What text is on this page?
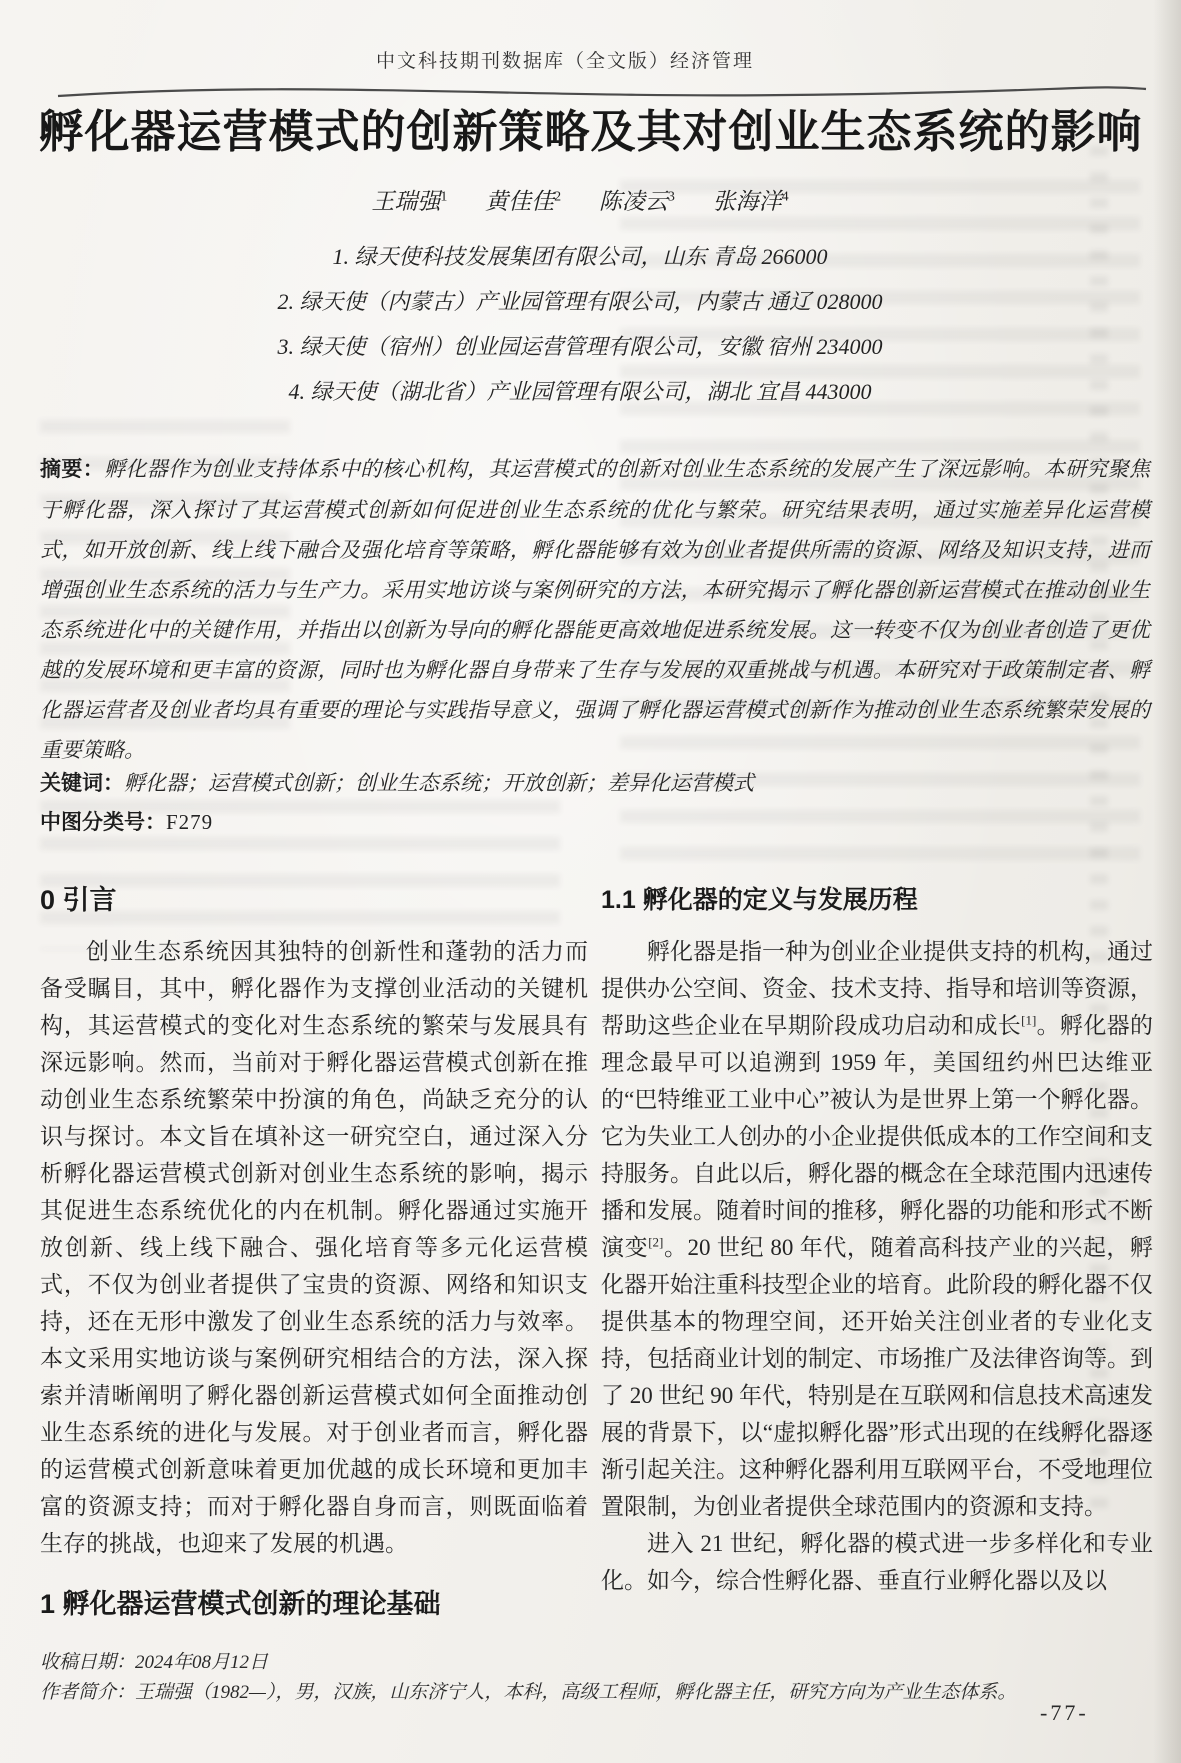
中文科技期刊数据库（全文版）经济管理
孵化器运营模式的创新策略及其对创业生态系统的影响
王瑞强$^1$ 黄佳佳$^2$ 陈凌云$^3$ 张海洋$^4$
1. 绿天使科技发展集团有限公司，山东 青岛 266000
2. 绿天使（内蒙古）产业园管理有限公司，内蒙古 通辽 028000
3. 绿天使（宿州）创业园运营管理有限公司，安徽 宿州 234000
4. 绿天使（湖北省）产业园管理有限公司，湖北 宜昌 443000
摘要：孵化器作为创业支持体系中的核心机构，其运营模式的创新对创业生态系统的发展产生了深远影响。本研究聚焦于孵化器，深入探讨了其运营模式创新如何促进创业生态系统的优化与繁荣。研究结果表明，通过实施差异化运营模式，如开放创新、线上线下融合及强化培育等策略，孵化器能够有效为创业者提供所需的资源、网络及知识支持，进而增强创业生态系统的活力与生产力。采用实地访谈与案例研究的方法，本研究揭示了孵化器创新运营模式在推动创业生态系统进化中的关键作用，并指出以创新为导向的孵化器能更高效地促进系统发展。这一转变不仅为创业者创造了更优越的发展环境和更丰富的资源，同时也为孵化器自身带来了生存与发展的双重挑战与机遇。本研究对于政策制定者、孵化器运营者及创业者均具有重要的理论与实践指导意义，强调了孵化器运营模式创新作为推动创业生态系统繁荣发展的重要策略。
关键词：孵化器；运营模式创新；创业生态系统；开放创新；差异化运营模式
中图分类号：F279
0 引言

创业生态系统因其独特的创新性和蓬勃的活力而备受瞩目，其中，孵化器作为支撑创业活动的关键机构，其运营模式的变化对生态系统的繁荣与发展具有深远影响。然而，当前对于孵化器运营模式创新在推动创业生态系统繁荣中扮演的角色，尚缺乏充分的认识与探讨。本文旨在填补这一研究空白，通过深入分析孵化器运营模式创新对创业生态系统的影响，揭示其促进生态系统优化的内在机制。孵化器通过实施开放创新、线上线下融合、强化培育等多元化运营模式，不仅为创业者提供了宝贵的资源、网络和知识支持，还在无形中激发了创业生态系统的活力与效率。本文采用实地访谈与案例研究相结合的方法，深入探索并清晰阐明了孵化器创新运营模式如何全面推动创业生态系统的进化与发展。对于创业者而言，孵化器的运营模式创新意味着更加优越的成长环境和更加丰富的资源支持；而对于孵化器自身而言，则既面临着生存的挑战，也迎来了发展的机遇。

1 孵化器运营模式创新的理论基础
1.1 孵化器的定义与发展历程

孵化器是指一种为创业企业提供支持的机构，通过提供办公空间、资金、技术支持、指导和培训等资源，帮助这些企业在早期阶段成功启动和成长[1]。孵化器的理念最早可以追溯到 1959 年，美国纽约州巴达维亚的“巴特维亚工业中心”被认为是世界上第一个孵化器。它为失业工人创办的小企业提供低成本的工作空间和支持服务。自此以后，孵化器的概念在全球范围内迅速传播和发展。随着时间的推移，孵化器的功能和形式不断演变[2]。20 世纪 80 年代，随着高科技产业的兴起，孵化器开始注重科技型企业的培育。此阶段的孵化器不仅提供基本的物理空间，还开始关注创业者的专业化支持，包括商业计划的制定、市场推广及法律咨询等。到了 20 世纪 90 年代，特别是在互联网和信息技术高速发展的背景下，以“虚拟孵化器”形式出现的在线孵化器逐渐引起关注。这种孵化器利用互联网平台，不受地理位置限制，为创业者提供全球范围内的资源和支持。

进入 21 世纪，孵化器的模式进一步多样化和专业化。如今，综合性孵化器、垂直行业孵化器以及以

收稿日期：2024年08月12日
作者简介：王瑞强（1982—），男，汉族，山东济宁人，本科，高级工程师，孵化器主任，研究方向为产业生态体系。
-77-
